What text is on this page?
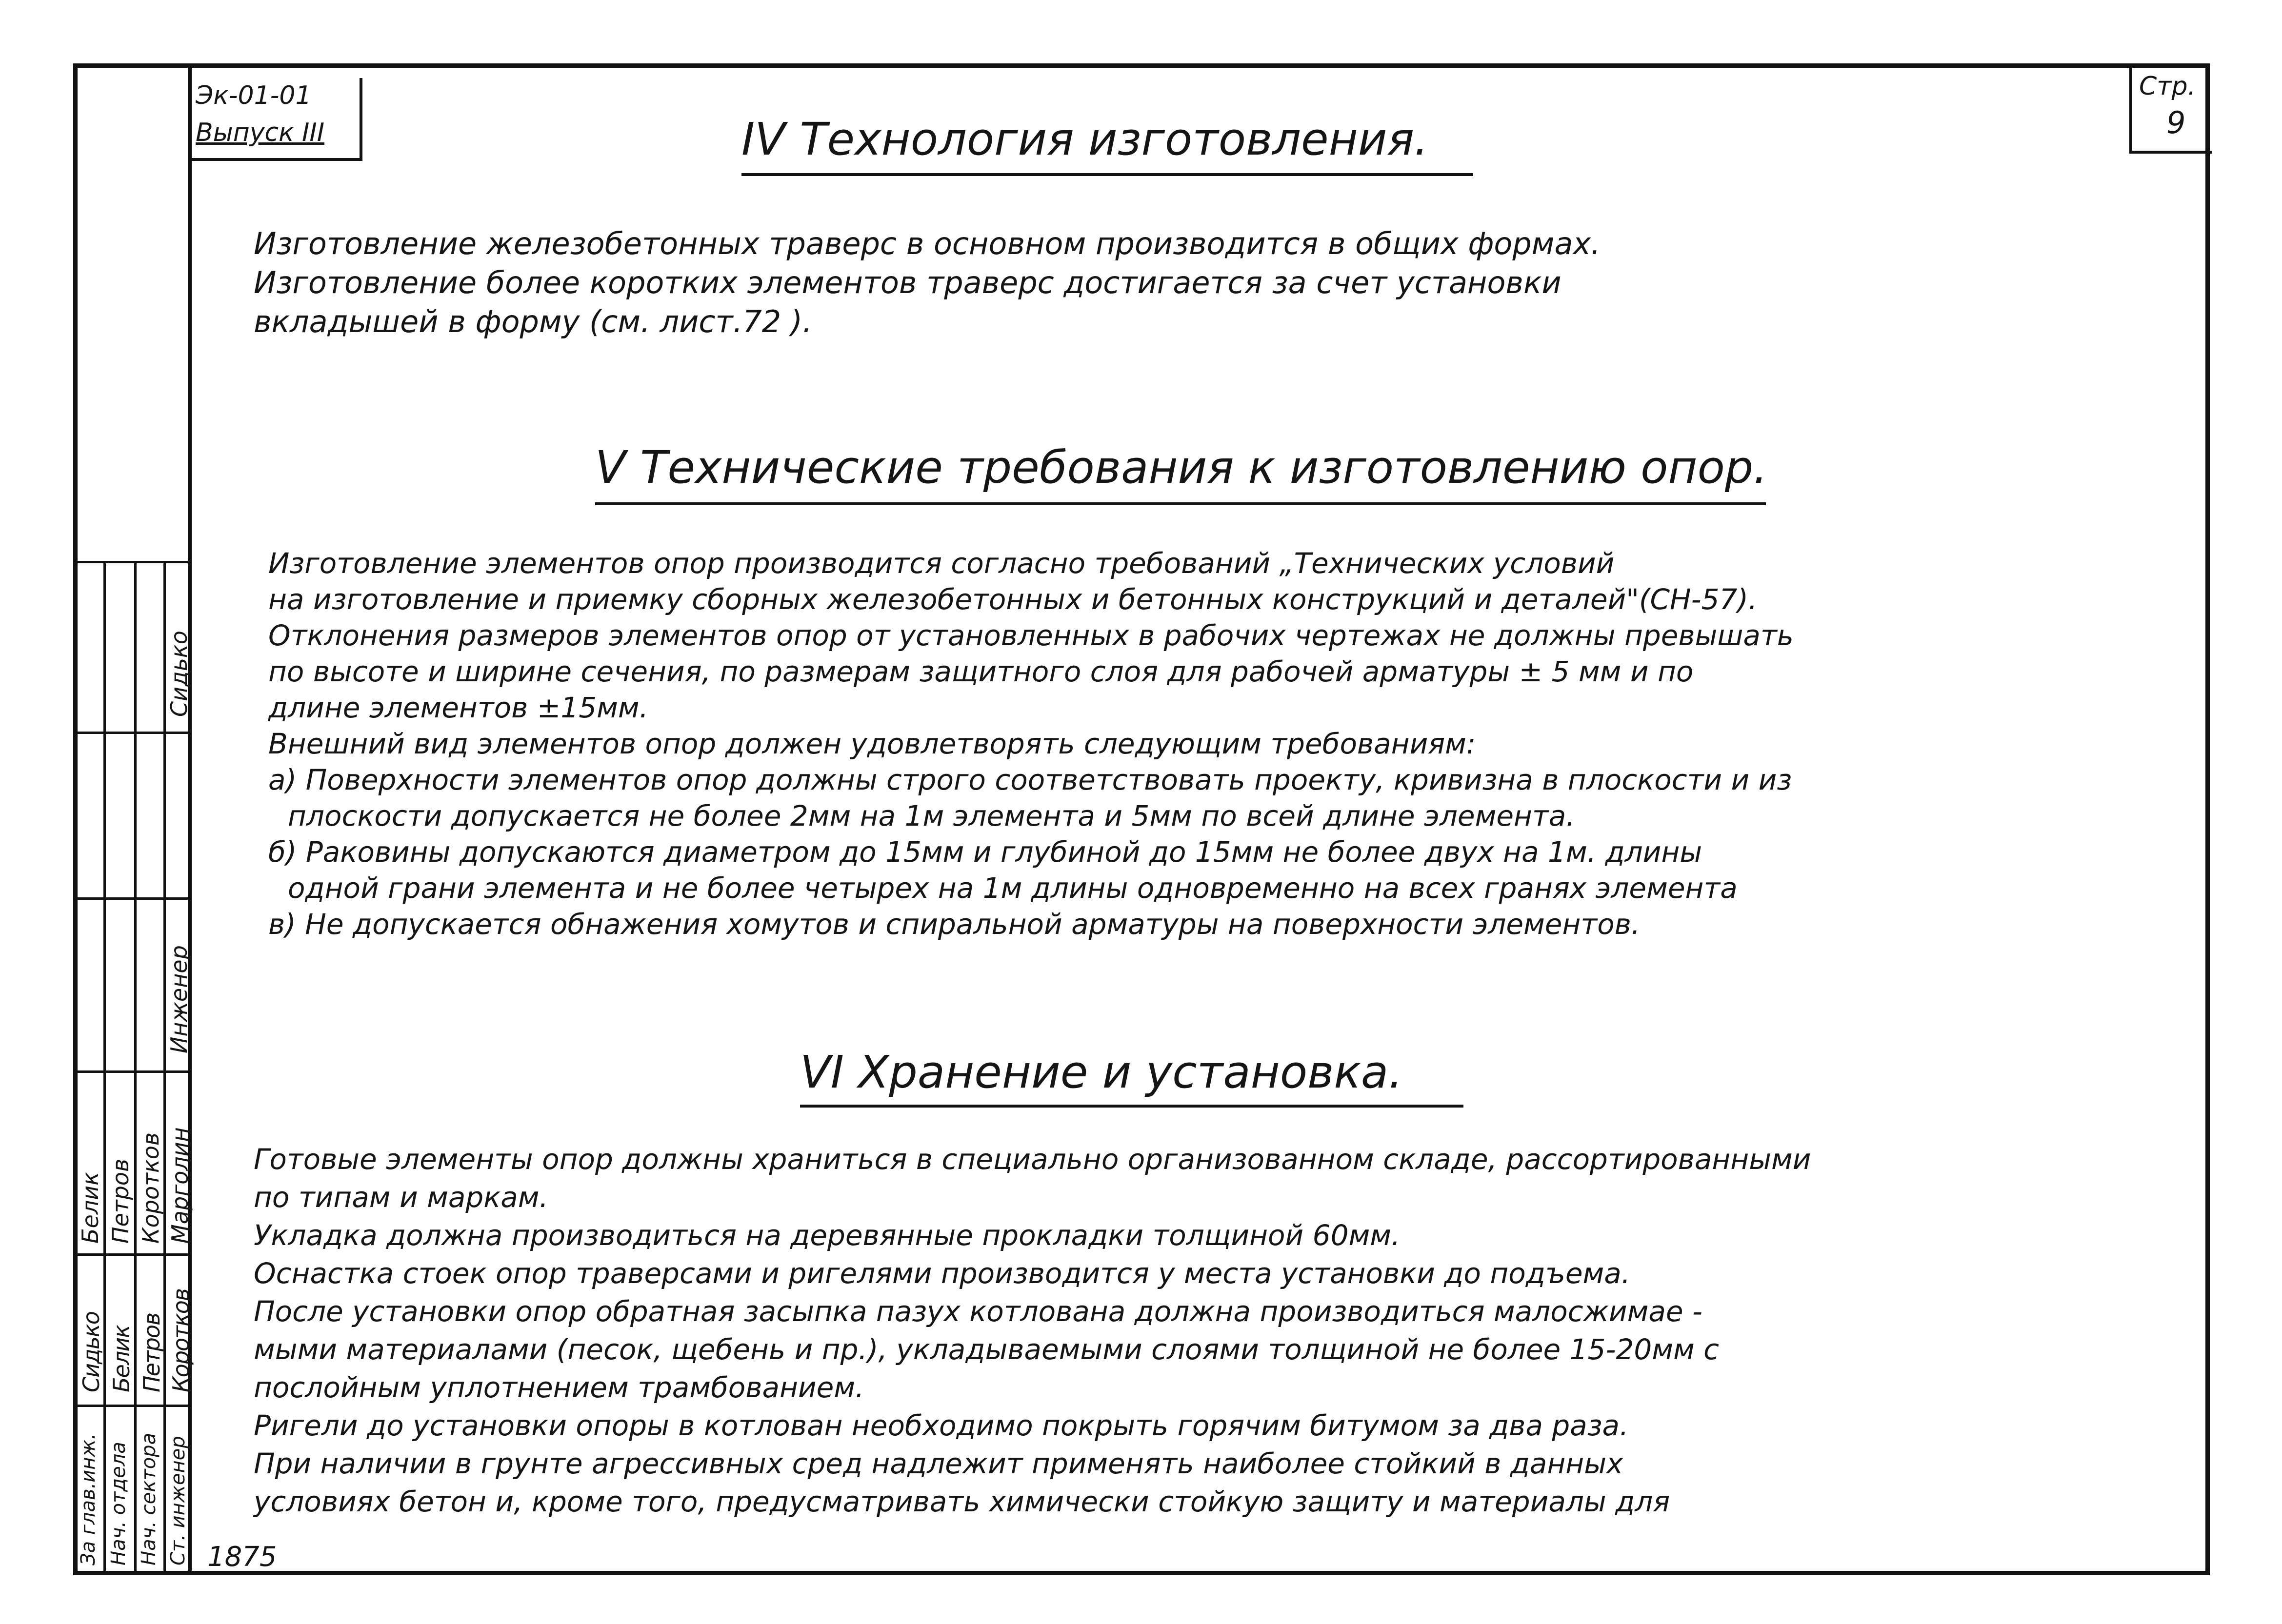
Эк-01-01
Выпуск III
Стр.
9
IV Технология изготовления.
Изготовление железобетонных траверс в основном производится в общих формах.
Изготовление более коротких элементов траверс достигается за счет установки
вкладышей в форму (см. лист.72 ).
V Технические требования к изготовлению опор.
Изготовление элементов опор производится согласно требований „Технических условий
на изготовление и приемку сборных железобетонных и бетонных конструкций и деталей"(СН-57).
Отклонения размеров элементов опор от установленных в рабочих чертежах не должны превышать
по высоте и ширине сечения, по размерам защитного слоя для рабочей арматуры ± 5 мм и по
длине элементов ±15мм.
Внешний вид элементов опор должен удовлетворять следующим требованиям:
а) Поверхности элементов опор должны строго соответствовать проекту, кривизна в плоскости и из
плоскости допускается не более 2мм на 1м элемента и 5мм по всей длине элемента.
б) Раковины допускаются диаметром до 15мм и глубиной до 15мм не более двух на 1м. длины
одной грани элемента и не более четырех на 1м длины одновременно на всех гранях элемента
в) Не допускается обнажения хомутов и спиральной арматуры на поверхности элементов.
VI Хранение и установка.
Готовые элементы опор должны храниться в специально организованном складе, рассортированными
по типам и маркам.
Укладка должна производиться на деревянные прокладки толщиной 60мм.
Оснастка стоек опор траверсами и ригелями производится у места установки до подъема.
После установки опор обратная засыпка пазух котлована должна производиться малосжимае -
мыми материалами (песок, щебень и пр.), укладываемыми слоями толщиной не более 15-20мм с
послойным уплотнением трамбованием.
Ригели до установки опоры в котлован необходимо покрыть горячим битумом за два раза.
При наличии в грунте агрессивных сред надлежит применять наиболее стойкий в данных
условиях бетон и, кроме того, предусматривать химически стойкую защиту и материалы для
За глав.инж. Нач. отдела Нач. сектора Ст. инженер
Сидько Белик Петров Коротков
Сидько
Инженер
Белик Петров Коротков Марголин
1875
